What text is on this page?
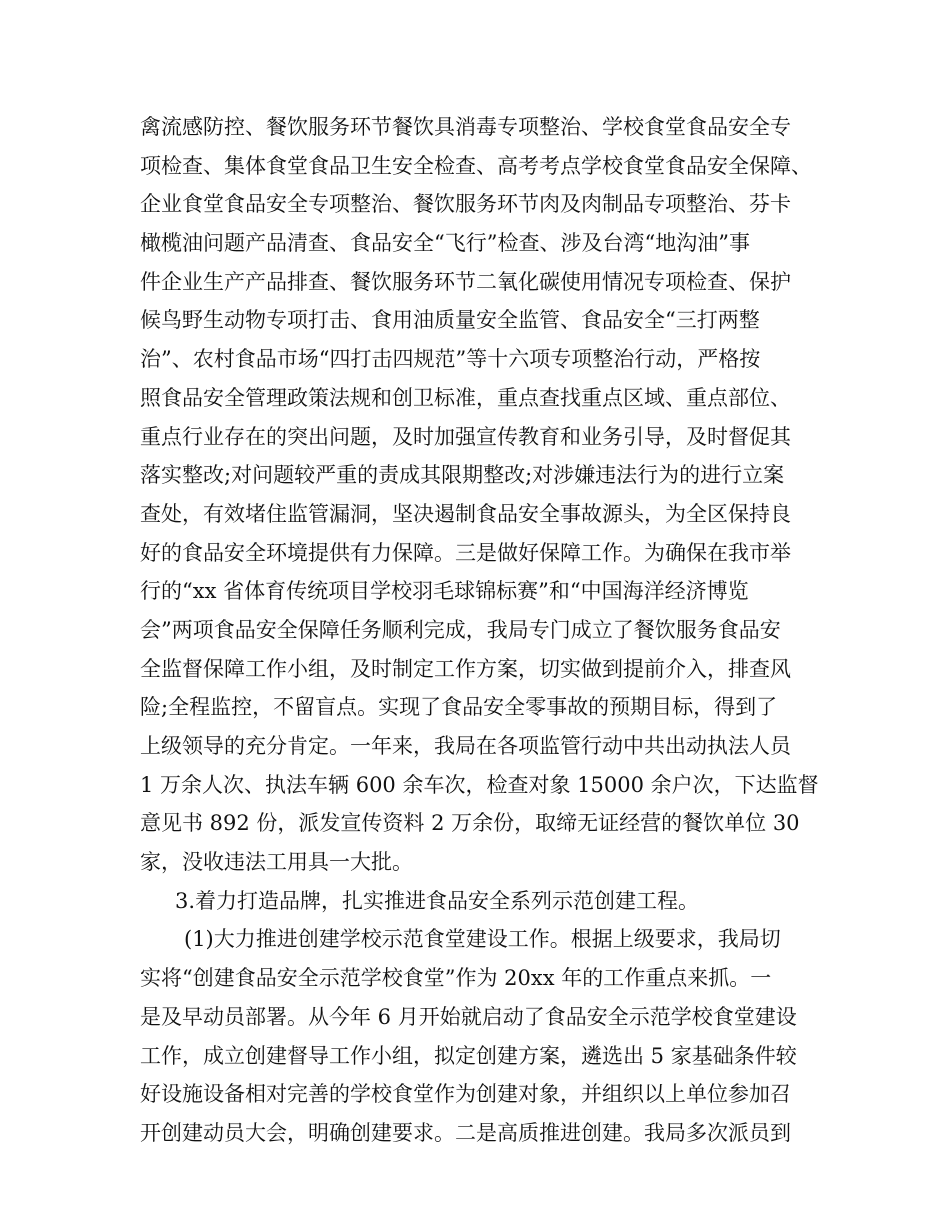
禽流感防控、餐饮服务环节餐饮具消毒专项整治、学校食堂食品安全专
项检查、集体食堂食品卫生安全检查、高考考点学校食堂食品安全保障、
企业食堂食品安全专项整治、餐饮服务环节肉及肉制品专项整治、芬卡
橄榄油问题产品清查、食品安全“飞行”检查、涉及台湾“地沟油”事
件企业生产产品排查、餐饮服务环节二氧化碳使用情况专项检查、保护
候鸟野生动物专项打击、食用油质量安全监管、食品安全“三打两整
治”、农村食品市场“四打击四规范”等十六项专项整治行动，严格按
照食品安全管理政策法规和创卫标准，重点查找重点区域、重点部位、
重点行业存在的突出问题，及时加强宣传教育和业务引导，及时督促其
落实整改;对问题较严重的责成其限期整改;对涉嫌违法行为的进行立案
查处，有效堵住监管漏洞，坚决遏制食品安全事故源头，为全区保持良
好的食品安全环境提供有力保障。三是做好保障工作。为确保在我市举
行的“xx 省体育传统项目学校羽毛球锦标赛”和“中国海洋经济博览
会”两项食品安全保障任务顺利完成，我局专门成立了餐饮服务食品安
全监督保障工作小组，及时制定工作方案，切实做到提前介入，排查风
险;全程监控，不留盲点。实现了食品安全零事故的预期目标，得到了
上级领导的充分肯定。一年来，我局在各项监管行动中共出动执法人员
1 万余人次、执法车辆 600 余车次，检查对象 15000 余户次，下达监督
意见书 892 份，派发宣传资料 2 万余份，取缔无证经营的餐饮单位 30
家，没收违法工用具一大批。
3.着力打造品牌，扎实推进食品安全系列示范创建工程。
(1)大力推进创建学校示范食堂建设工作。根据上级要求，我局切
实将“创建食品安全示范学校食堂”作为 20xx 年的工作重点来抓。一
是及早动员部署。从今年 6 月开始就启动了食品安全示范学校食堂建设
工作，成立创建督导工作小组，拟定创建方案，遴选出 5 家基础条件较
好设施设备相对完善的学校食堂作为创建对象，并组织以上单位参加召
开创建动员大会，明确创建要求。二是高质推进创建。我局多次派员到
